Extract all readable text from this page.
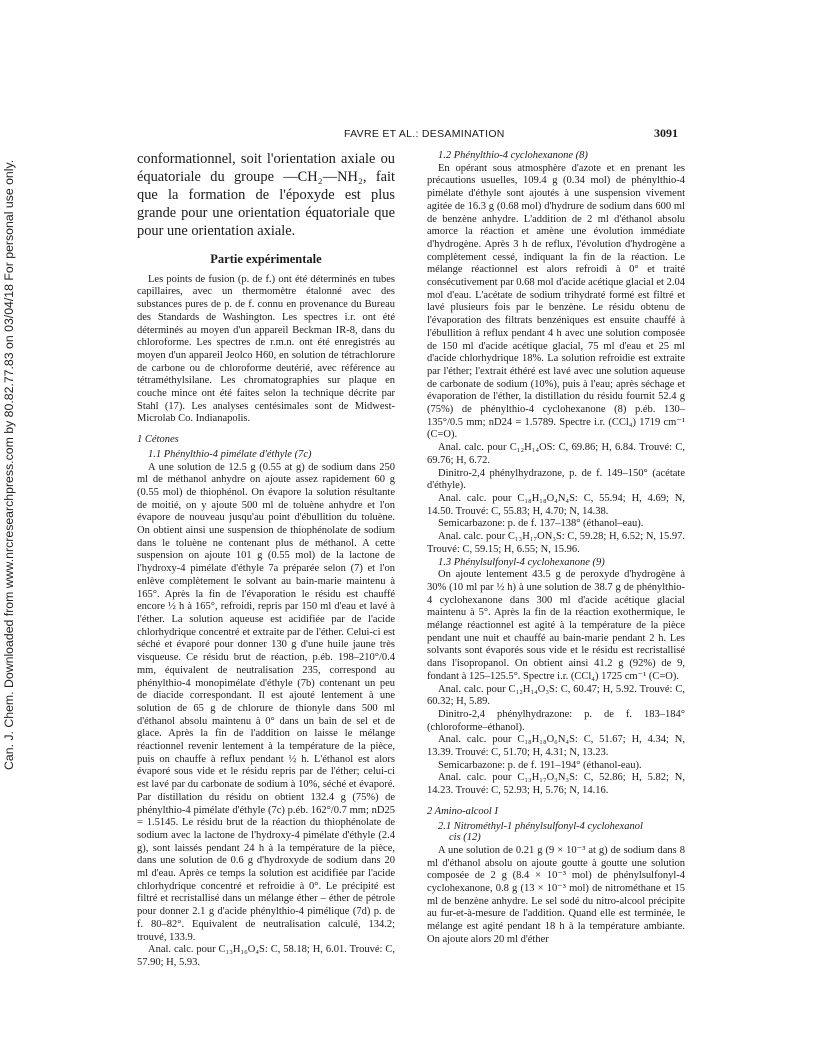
Can. J. Chem. Downloaded from www.nrcresearchpress.com by 80.82.77.83 on 03/04/18 For personal use only.
FAVRE ET AL.: DESAMINATION	3091

conformationnel, soit l'orientation axiale ou équatoriale du groupe —CH₂—NH₂, fait que la formation de l'époxyde est plus grande pour une orientation équatoriale que pour une orientation axiale.

Partie expérimentale

Les points de fusion (p. de f.) ont été déterminés en tubes capillaires, avec un thermomètre étalonné avec des substances pures de p. de f. connu en provenance du Bureau des Standards de Washington. Les spectres i.r. ont été déterminés au moyen d'un appareil Beckman IR-8, dans du chloroforme. Les spectres de r.m.n. ont été enregistrés au moyen d'un appareil Jeolco H60, en solution de tétrachlorure de carbone ou de chloroforme deutérié, avec référence au tétraméthylsilane. Les chromatographies sur plaque en couche mince ont été faites selon la technique décrite par Stahl (17). Les analyses centésimales sont de Midwest-Microlab Co. Indianapolis.

1 Cétones
1.1 Phénylthio-4 pimélate d'éthyle (7c)

A une solution de 12.5 g (0.55 at g) de sodium dans 250 ml de méthanol anhydre on ajoute assez rapidement 60 g (0.55 mol) de thiophénol. On évapore la solution résultante de moitié, on y ajoute 500 ml de toluène anhydre et l'on évapore de nouveau jusqu'au point d'ébullition du toluène. On obtient ainsi une suspension de thiophénolate de sodium dans le toluène ne contenant plus de méthanol. A cette suspension on ajoute 101 g (0.55 mol) de la lactone de l'hydroxy-4 pimélate d'éthyle 7a préparée selon (7) et l'on enlève complètement le solvant au bain-marie maintenu à 165°. Après la fin de l'évaporation le résidu est chauffé encore ½ h à 165°, refroidi, repris par 150 ml d'eau et lavé à l'éther. La solution aqueuse est acidifiée par de l'acide chlorhydrique concentré et extraite par de l'éther. Celui-ci est séché et évaporé pour donner 130 g d'une huile jaune très visqueuse. Ce résidu brut de réaction, p.éb. 198–210°/0.4 mm, équivalent de neutralisation 235, correspond au phénylthio-4 monopimélate d'éthyle (7b) contenant un peu de diacide correspondant. Il est ajouté lentement à une solution de 65 g de chlorure de thionyle dans 500 ml d'éthanol absolu maintenu à 0° dans un bain de sel et de glace. Après la fin de l'addition on laisse le mélange réactionnel revenir lentement à la température de la pièce, puis on chauffe à reflux pendant ½ h. L'éthanol est alors évaporé sous vide et le résidu repris par de l'éther; celui-ci est lavé par du carbonate de sodium à 10%, séché et évaporé. Par distillation du résidu on obtient 132.4 g (75%) de phénylthio-4 pimélate d'éthyle (7c) p.éb. 162°/0.7 mm; nD25 = 1.5145. Le résidu brut de la réaction du thiophénolate de sodium avec la lactone de l'hydroxy-4 pimélate d'éthyle (2.4 g), sont laissés pendant 24 h à la température de la pièce, dans une solution de 0.6 g d'hydroxyde de sodium dans 20 ml d'eau. Après ce temps la solution est acidifiée par l'acide chlorhydrique concentré et refroidie à 0°. Le précipité est filtré et recristallisé dans un mélange éther – éther de pétrole pour donner 2.1 g d'acide phénylthio-4 pimélique (7d) p. de f. 80–82°. Equivalent de neutralisation calculé, 134.2; trouvé, 133.9.

Anal. calc. pour C₁₃H₁₆O₄S: C, 58.18; H, 6.01. Trouvé: C, 57.90; H, 5.93.

1.2 Phénylthio-4 cyclohexanone (8)

En opérant sous atmosphère d'azote et en prenant les précautions usuelles, 109.4 g (0.34 mol) de phénylthio-4 pimélate d'éthyle sont ajoutés à une suspension vivement agitée de 16.3 g (0.68 mol) d'hydrure de sodium dans 600 ml de benzène anhydre. L'addition de 2 ml d'éthanol absolu amorce la réaction et amène une évolution immédiate d'hydrogène. Après 3 h de reflux, l'évolution d'hydrogène a complètement cessé, indiquant la fin de la réaction. Le mélange réactionnel est alors refroidi à 0° et traité consécutivement par 0.68 mol d'acide acétique glacial et 2.04 mol d'eau. L'acétate de sodium trihydraté formé est filtré et lavé plusieurs fois par le benzène. Le résidu obtenu de l'évaporation des filtrats benzéniques est ensuite chauffé à l'ébullition à reflux pendant 4 h avec une solution composée de 150 ml d'acide acétique glacial, 75 ml d'eau et 25 ml d'acide chlorhydrique 18%. La solution refroidie est extraite par l'éther; l'extrait éthéré est lavé avec une solution aqueuse de carbonate de sodium (10%), puis à l'eau; après séchage et évaporation de l'éther, la distillation du résidu fournit 52.4 g (75%) de phénylthio-4 cyclohexanone (8) p.éb. 130–135°/0.5 mm; nD24 = 1.5789. Spectre i.r. (CCl₄) 1719 cm⁻¹ (C=O).

Anal. calc. pour C₁₂H₁₄OS: C, 69.86; H, 6.84. Trouvé: C, 69.76; H, 6.72.

Dinitro-2,4 phénylhydrazone, p. de f. 149–150° (acétate d'éthyle).

Anal. calc. pour C₁₈H₁₈O₄N₄S: C, 55.94; H, 4.69; N, 14.50. Trouvé: C, 55.83; H, 4.70; N, 14.38.

Semicarbazone: p. de f. 137–138° (éthanol–eau).

Anal. calc. pour C₁₃H₁₇ON₃S: C, 59.28; H, 6.52; N, 15.97. Trouvé: C, 59.15; H, 6.55; N, 15.96.

1.3 Phénylsulfonyl-4 cyclohexanone (9)

On ajoute lentement 43.5 g de peroxyde d'hydrogène à 30% (10 ml par ½ h) à une solution de 38.7 g de phénylthio-4 cyclohexanone dans 300 ml d'acide acétique glacial maintenu à 5°. Après la fin de la réaction exothermique, le mélange réactionnel est agité à la température de la pièce pendant une nuit et chauffé au bain-marie pendant 2 h. Les solvants sont évaporés sous vide et le résidu est recristallisé dans l'isopropanol. On obtient ainsi 41.2 g (92%) de 9, fondant à 125–125.5°. Spectre i.r. (CCl₄) 1725 cm⁻¹ (C=O).

Anal. calc. pour C₁₂H₁₄O₃S: C, 60.47; H, 5.92. Trouvé: C, 60.32; H, 5.89.

Dinitro-2,4 phénylhydrazone: p. de f. 183–184° (chloroforme–éthanol).

Anal. calc. pour C₁₈H₁₈O₆N₄S: C, 51.67; H, 4.34; N, 13.39. Trouvé: C, 51.70; H, 4.31; N, 13.23.

Semicarbazone: p. de f. 191–194° (éthanol-eau).

Anal. calc. pour C₁₃H₁₇O₃N₃S: C, 52.86; H, 5.82; N, 14.23. Trouvé: C, 52.93; H, 5.76; N, 14.16.

2 Amino-alcool I
2.1 Nitrométhyl-1 phénylsulfonyl-4 cyclohexanol
cis (12)

A une solution de 0.21 g (9 × 10⁻³ at g) de sodium dans 8 ml d'éthanol absolu on ajoute goutte à goutte une solution composée de 2 g (8.4 × 10⁻³ mol) de phénylsulfonyl-4 cyclohexanone, 0.8 g (13 × 10⁻³ mol) de nitrométhane et 15 ml de benzène anhydre. Le sel sodé du nitro-alcool précipite au fur-et-à-mesure de l'addition. Quand elle est terminée, le mélange est agité pendant 18 h à la température ambiante. On ajoute alors 20 ml d'éther
